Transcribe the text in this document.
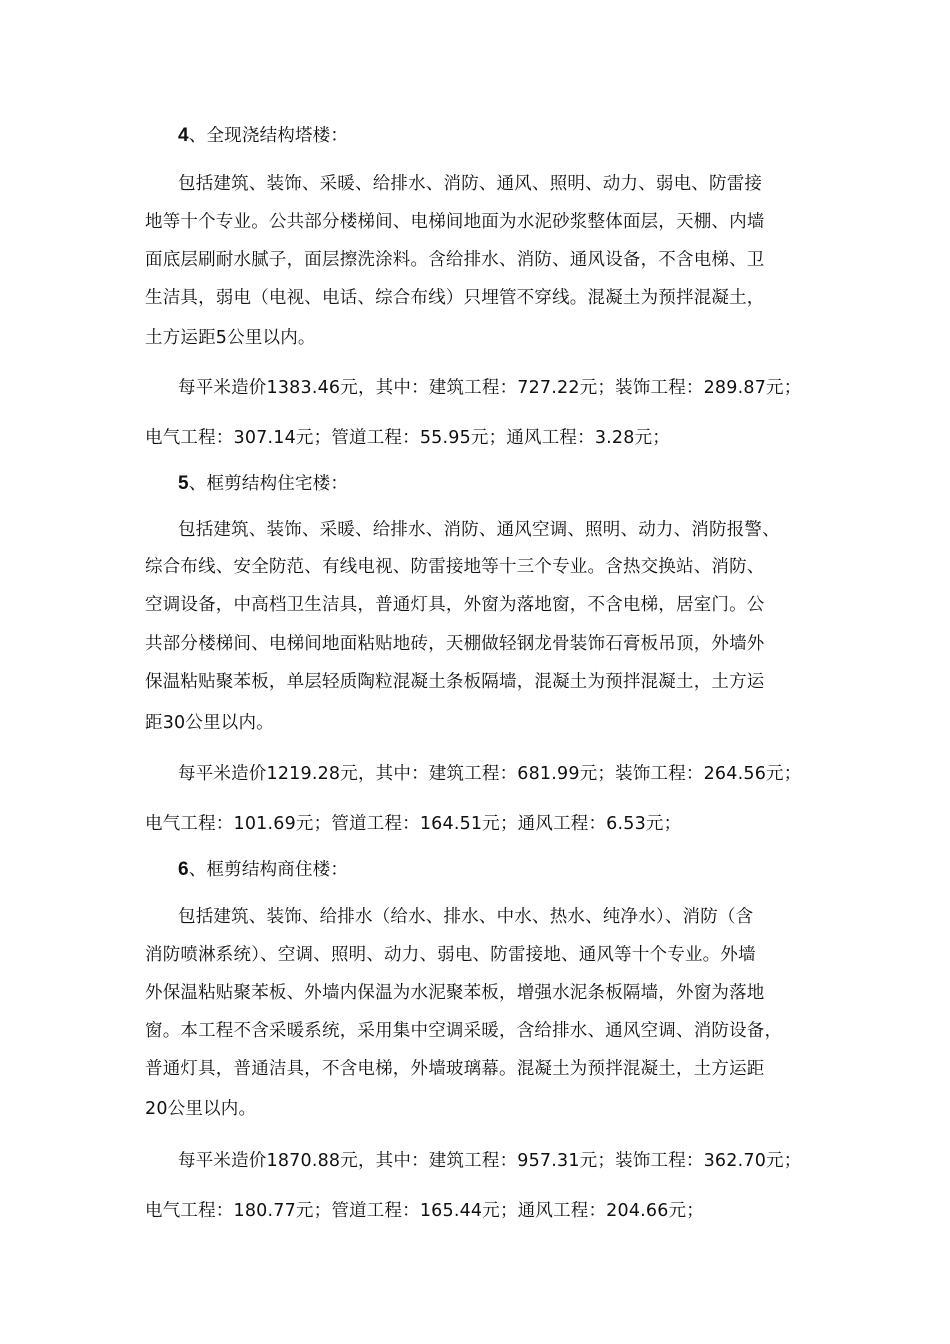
4、全现浇结构塔楼：
包括建筑、装饰、采暖、给排水、消防、通风、照明、动力、弱电、防雷接
地等十个专业。公共部分楼梯间、电梯间地面为水泥砂浆整体面层，天棚、内墙
面底层刷耐水腻子，面层擦洗涂料。含给排水、消防、通风设备，不含电梯、卫
生洁具，弱电（电视、电话、综合布线）只埋管不穿线。混凝土为预拌混凝土，
土方运距5公里以内。
每平米造价1383.46元，其中：建筑工程：727.22元；装饰工程：289.87元；
电气工程：307.14元；管道工程：55.95元；通风工程：3.28元；
5、框剪结构住宅楼：
包括建筑、装饰、采暖、给排水、消防、通风空调、照明、动力、消防报警、
综合布线、安全防范、有线电视、防雷接地等十三个专业。含热交换站、消防、
空调设备，中高档卫生洁具，普通灯具，外窗为落地窗，不含电梯，居室门。公
共部分楼梯间、电梯间地面粘贴地砖，天棚做轻钢龙骨装饰石膏板吊顶，外墙外
保温粘贴聚苯板，单层轻质陶粒混凝土条板隔墙，混凝土为预拌混凝土，土方运
距30公里以内。
每平米造价1219.28元，其中：建筑工程：681.99元；装饰工程：264.56元；
电气工程：101.69元；管道工程：164.51元；通风工程：6.53元；
6、框剪结构商住楼：
包括建筑、装饰、给排水（给水、排水、中水、热水、纯净水）、消防（含
消防喷淋系统）、空调、照明、动力、弱电、防雷接地、通风等十个专业。外墙
外保温粘贴聚苯板、外墙内保温为水泥聚苯板，增强水泥条板隔墙，外窗为落地
窗。本工程不含采暖系统，采用集中空调采暖，含给排水、通风空调、消防设备，
普通灯具，普通洁具，不含电梯，外墙玻璃幕。混凝土为预拌混凝土，土方运距
20公里以内。
每平米造价1870.88元，其中：建筑工程：957.31元；装饰工程：362.70元；
电气工程：180.77元；管道工程：165.44元；通风工程：204.66元；
